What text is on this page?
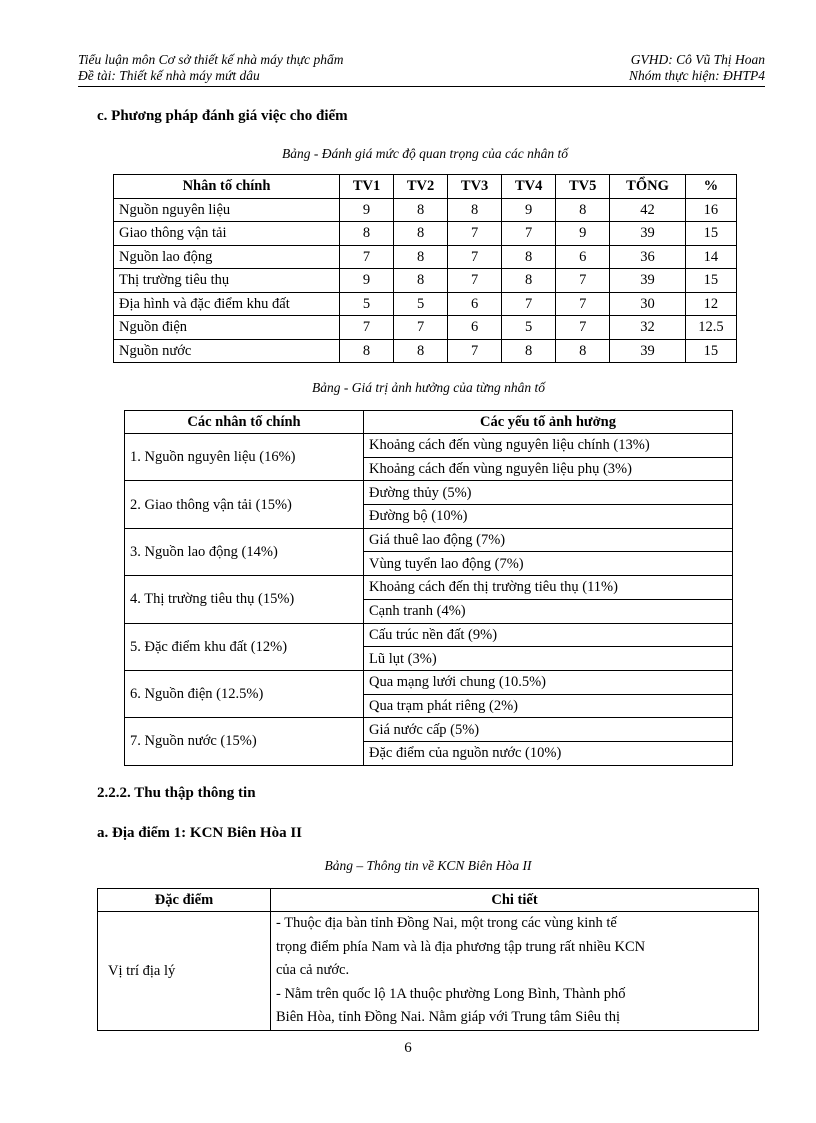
Tiểu luận môn Cơ sở thiết kế nhà máy thực phẩm
Đề tài: Thiết kế nhà máy mứt dâu
GVHD: Cô Vũ Thị Hoan
Nhóm thực hiện: ĐHTP4
c. Phương pháp đánh giá việc cho điểm
Bảng - Đánh giá mức độ quan trọng của các nhân tố
Nhân tố chính	TV1	TV2	TV3	TV4	TV5	TỔNG	%
Nguồn nguyên liệu	9	8	8	9	8	42	16
Giao thông vận tải	8	8	7	7	9	39	15
Nguồn lao động	7	8	7	8	6	36	14
Thị trường tiêu thụ	9	8	7	8	7	39	15
Địa hình và đặc điểm khu đất	5	5	6	7	7	30	12
Nguồn điện	7	7	6	5	7	32	12.5
Nguồn nước	8	8	7	8	8	39	15
Bảng - Giá trị ảnh hưởng của từng nhân tố
Các nhân tố chính	Các yếu tố ảnh hưởng
1. Nguồn nguyên liệu (16%)	Khoảng cách đến vùng nguyên liệu chính (13%)
	Khoảng cách đến vùng nguyên liệu phụ (3%)
2. Giao thông vận tải (15%)	Đường thủy (5%)
	Đường bộ (10%)
3. Nguồn lao động (14%)	Giá thuê lao động (7%)
	Vùng tuyển lao động (7%)
4. Thị trường tiêu thụ (15%)	Khoảng cách đến thị trường tiêu thụ (11%)
	Cạnh tranh (4%)
5. Đặc điểm khu đất (12%)	Cấu trúc nền đất (9%)
	Lũ lụt (3%)
6. Nguồn điện (12.5%)	Qua mạng lưới chung (10.5%)
	Qua trạm phát riêng (2%)
7. Nguồn nước (15%)	Giá nước cấp (5%)
	Đặc điểm của nguồn nước (10%)
2.2.2. Thu thập thông tin
a. Địa điểm 1: KCN Biên Hòa II
Bảng – Thông tin về KCN Biên Hòa II
Đặc điểm	Chi tiết
Vị trí địa lý	- Thuộc địa bàn tỉnh Đồng Nai, một trong các vùng kinh tế
trọng điểm phía Nam và là địa phương tập trung rất nhiều KCN
của cả nước.
- Nằm trên quốc lộ 1A thuộc phường Long Bình, Thành phố
Biên Hòa, tỉnh Đồng Nai. Nằm giáp với Trung tâm Siêu thị
6
